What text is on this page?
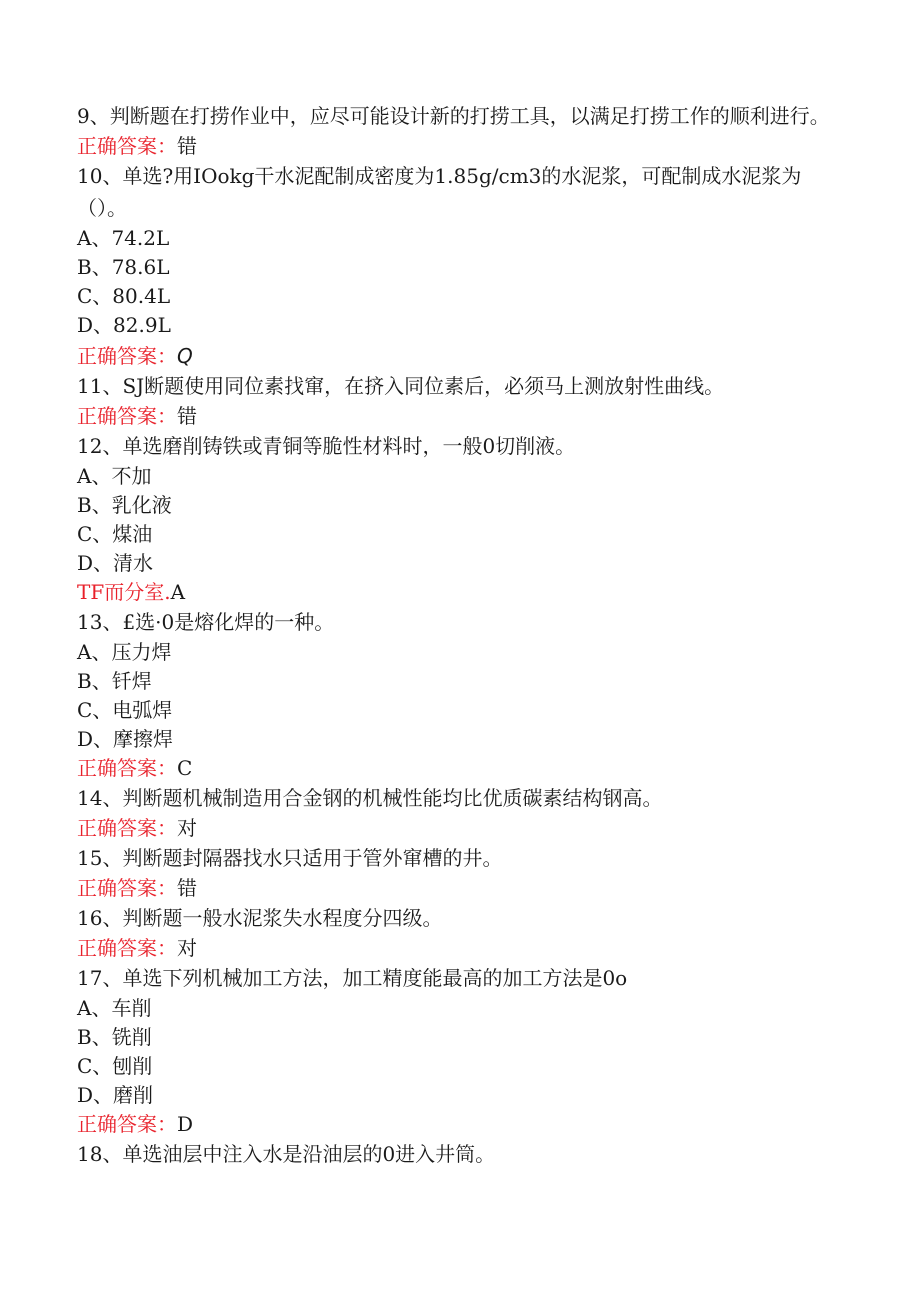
9、判断题在打捞作业中，应尽可能设计新的打捞工具，以满足打捞工作的顺利进行。
正确答案：错
10、单选?用IOokg干水泥配制成密度为1.85g/cm3的水泥浆，可配制成水泥浆为（）。
A、74.2L
B、78.6L
C、80.4L
D、82.9L
正确答案：Q
11、SJ断题使用同位素找窜，在挤入同位素后，必须马上测放射性曲线。
正确答案：错
12、单选磨削铸铁或青铜等脆性材料时，一般0切削液。
A、不加
B、乳化液
C、煤油
D、清水
TF而分室.A
13、£选·0是熔化焊的一种。
A、压力焊
B、钎焊
C、电弧焊
D、摩擦焊
正确答案：C
14、判断题机械制造用合金钢的机械性能均比优质碳素结构钢高。
正确答案：对
15、判断题封隔器找水只适用于管外窜槽的井。
正确答案：错
16、判断题一般水泥浆失水程度分四级。
正确答案：对
17、单选下列机械加工方法，加工精度能最高的加工方法是0o
A、车削
B、铣削
C、刨削
D、磨削
正确答案：D
18、单选油层中注入水是沿油层的0进入井筒。
